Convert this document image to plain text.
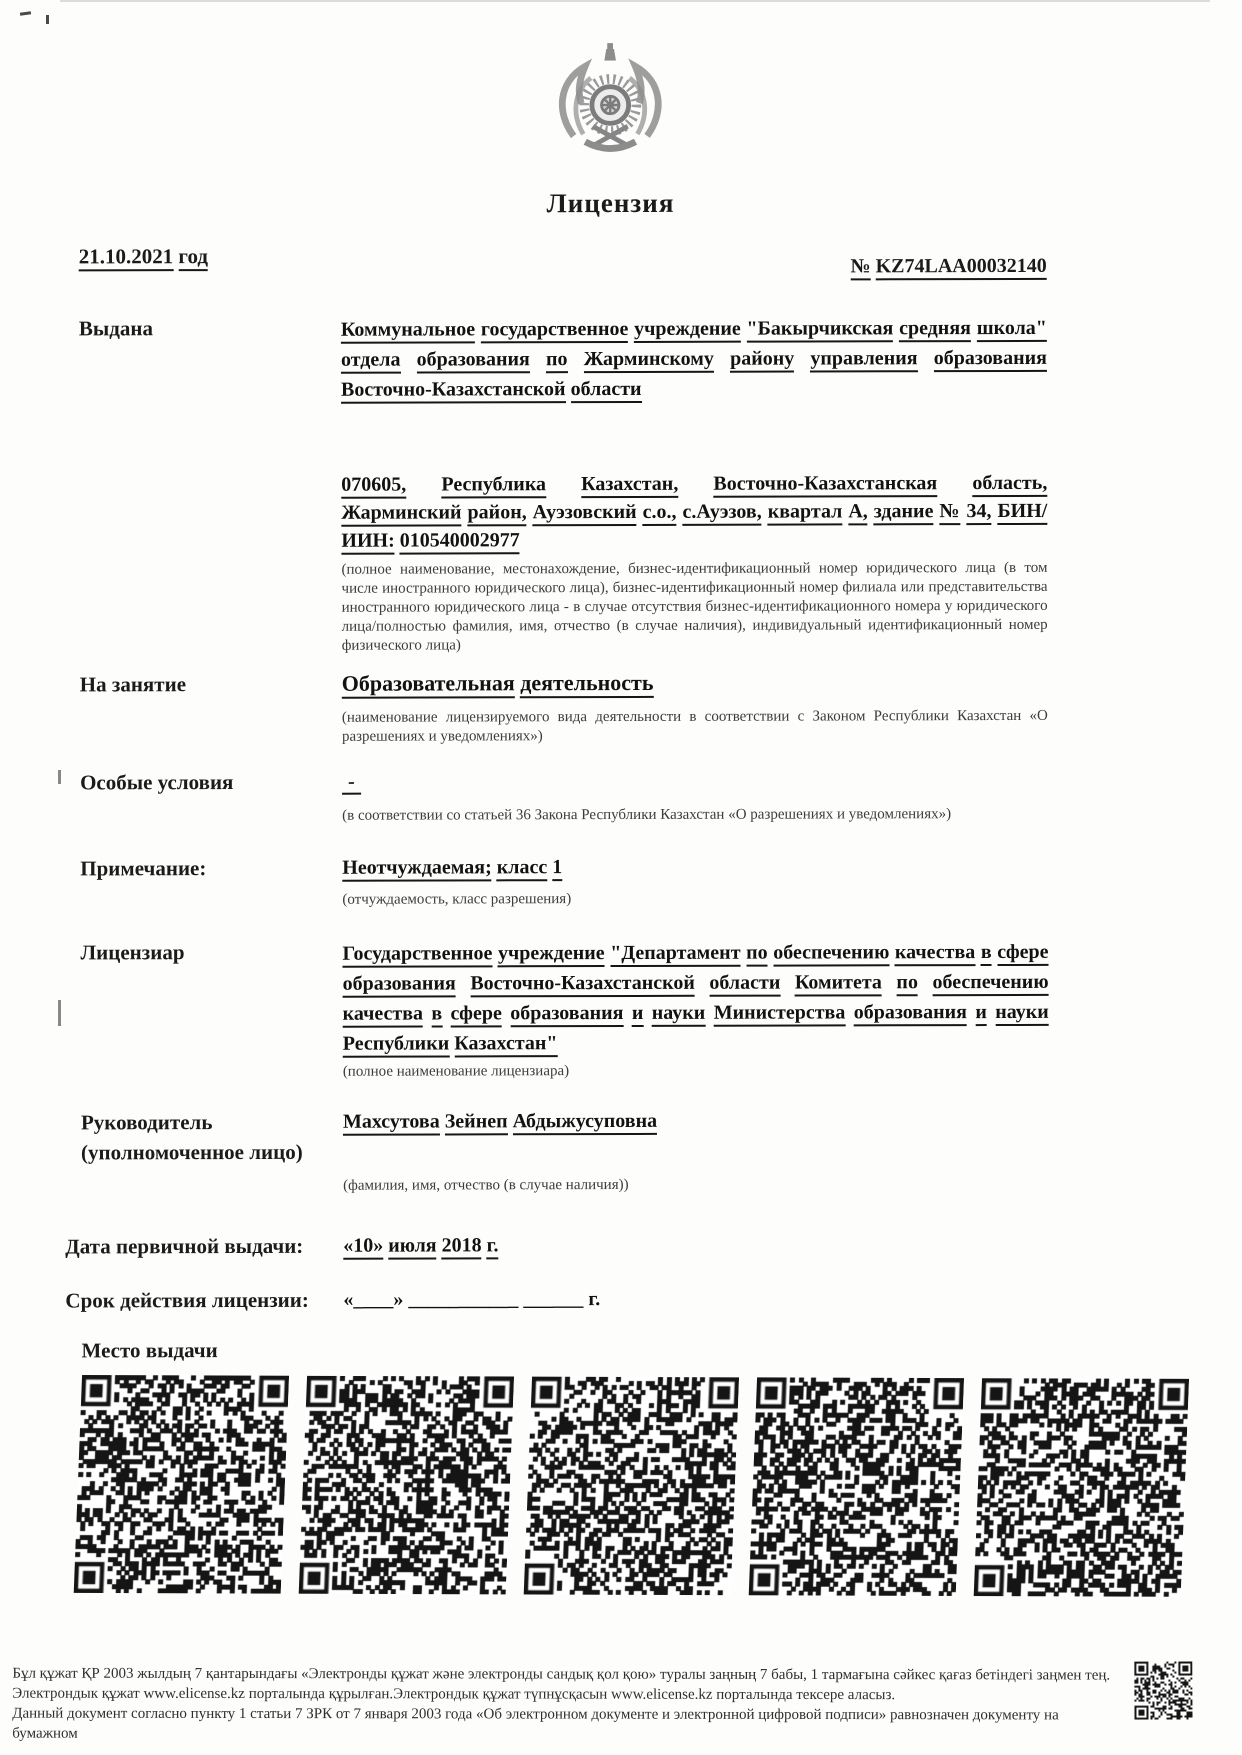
Лицензия
21.10.2021 год	№ KZ74LAA00032140
Выдана	Коммунальное государственное учреждение "Бакырчикская средняя школа" отдела образования по Жарминскому району управления образования Восточно-Казахстанской области
070605, Республика Казахстан, Восточно-Казахстанская область, Жарминский район, Ауэзовский с.о., с.Ауэзов, квартал А, здание № 34, БИН/ИИН: 010540002977
(полное наименование, местонахождение, бизнес-идентификационный номер юридического лица (в том числе иностранного юридического лица), бизнес-идентификационный номер филиала или представительства иностранного юридического лица - в случае отсутствия бизнес-идентификационного номера у юридического лица/полностью фамилия, имя, отчество (в случае наличия), индивидуальный идентификационный номер физического лица)
На занятие	Образовательная деятельность
(наименование лицензируемого вида деятельности в соответствии с Законом Республики Казахстан «О разрешениях и уведомлениях»)
Особые условия	-
(в соответствии со статьей 36 Закона Республики Казахстан «О разрешениях и уведомлениях»)
Примечание:	Неотчуждаемая; класс 1
(отчуждаемость, класс разрешения)
Лицензиар	Государственное учреждение "Департамент по обеспечению качества в сфере образования Восточно-Казахстанской области Комитета по обеспечению качества в сфере образования и науки Министерства образования и науки Республики Казахстан"
(полное наименование лицензиара)
Руководитель
(уполномоченное лицо)
Махсутова Зейнеп Абдыжусуповна
(фамилия, имя, отчество (в случае наличия))
Дата первичной выдачи: «10» июля 2018 г.
Срок действия лицензии: «____» ___________ ______ г.
Место выдачи
Бұл құжат ҚР 2003 жылдың 7 қантарындағы «Электронды құжат және электронды сандық қол қою» туралы заңның 7 бабы, 1 тармағына сәйкес қағаз бетіндегі заңмен тең.
Электрондык құжат www.elicense.kz порталында құрылған.Электрондык құжат түпнұсқасын www.elicense.kz порталында тексере аласыз.
Данный документ согласно пункту 1 статьи 7 ЗРК от 7 января 2003 года «Об электронном документе и электронной цифровой подписи» равнозначен документу на бумажном
